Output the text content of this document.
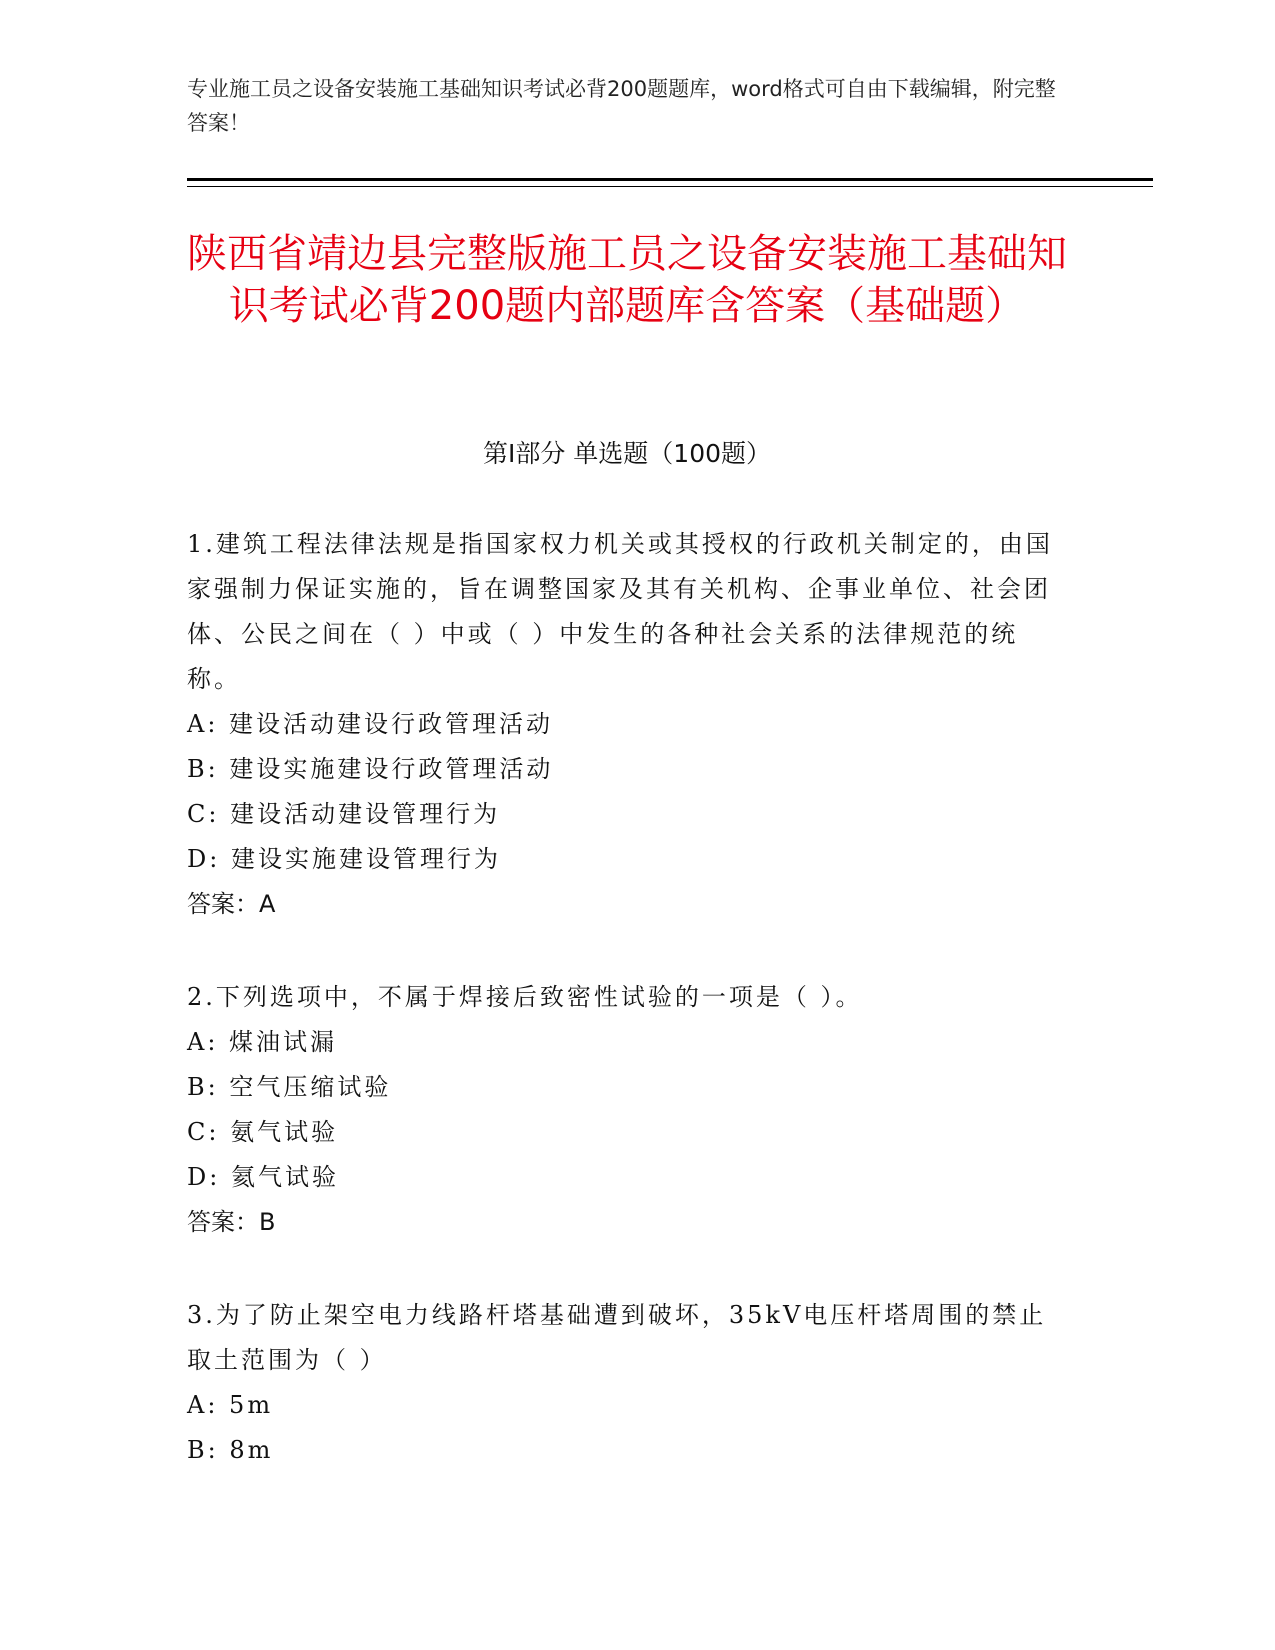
专业施工员之设备安装施工基础知识考试必背200题题库，word格式可自由下载编辑，附完整答案！
陕西省靖边县完整版施工员之设备安装施工基础知识考试必背200题内部题库含答案（基础题）
第Ⅰ部分 单选题（100题）
1.建筑工程法律法规是指国家权力机关或其授权的行政机关制定的，由国家强制力保证实施的，旨在调整国家及其有关机构、企事业单位、社会团体、公民之间在（ ）中或（ ）中发生的各种社会关系的法律规范的统称。
A: 建设活动建设行政管理活动
B: 建设实施建设行政管理活动
C: 建设活动建设管理行为
D: 建设实施建设管理行为
答案：A
2.下列选项中，不属于焊接后致密性试验的一项是（ ）。
A: 煤油试漏
B: 空气压缩试验
C: 氨气试验
D: 氦气试验
答案：B
3.为了防止架空电力线路杆塔基础遭到破坏，35kV电压杆塔周围的禁止取土范围为（ ）
A: 5m
B: 8m
